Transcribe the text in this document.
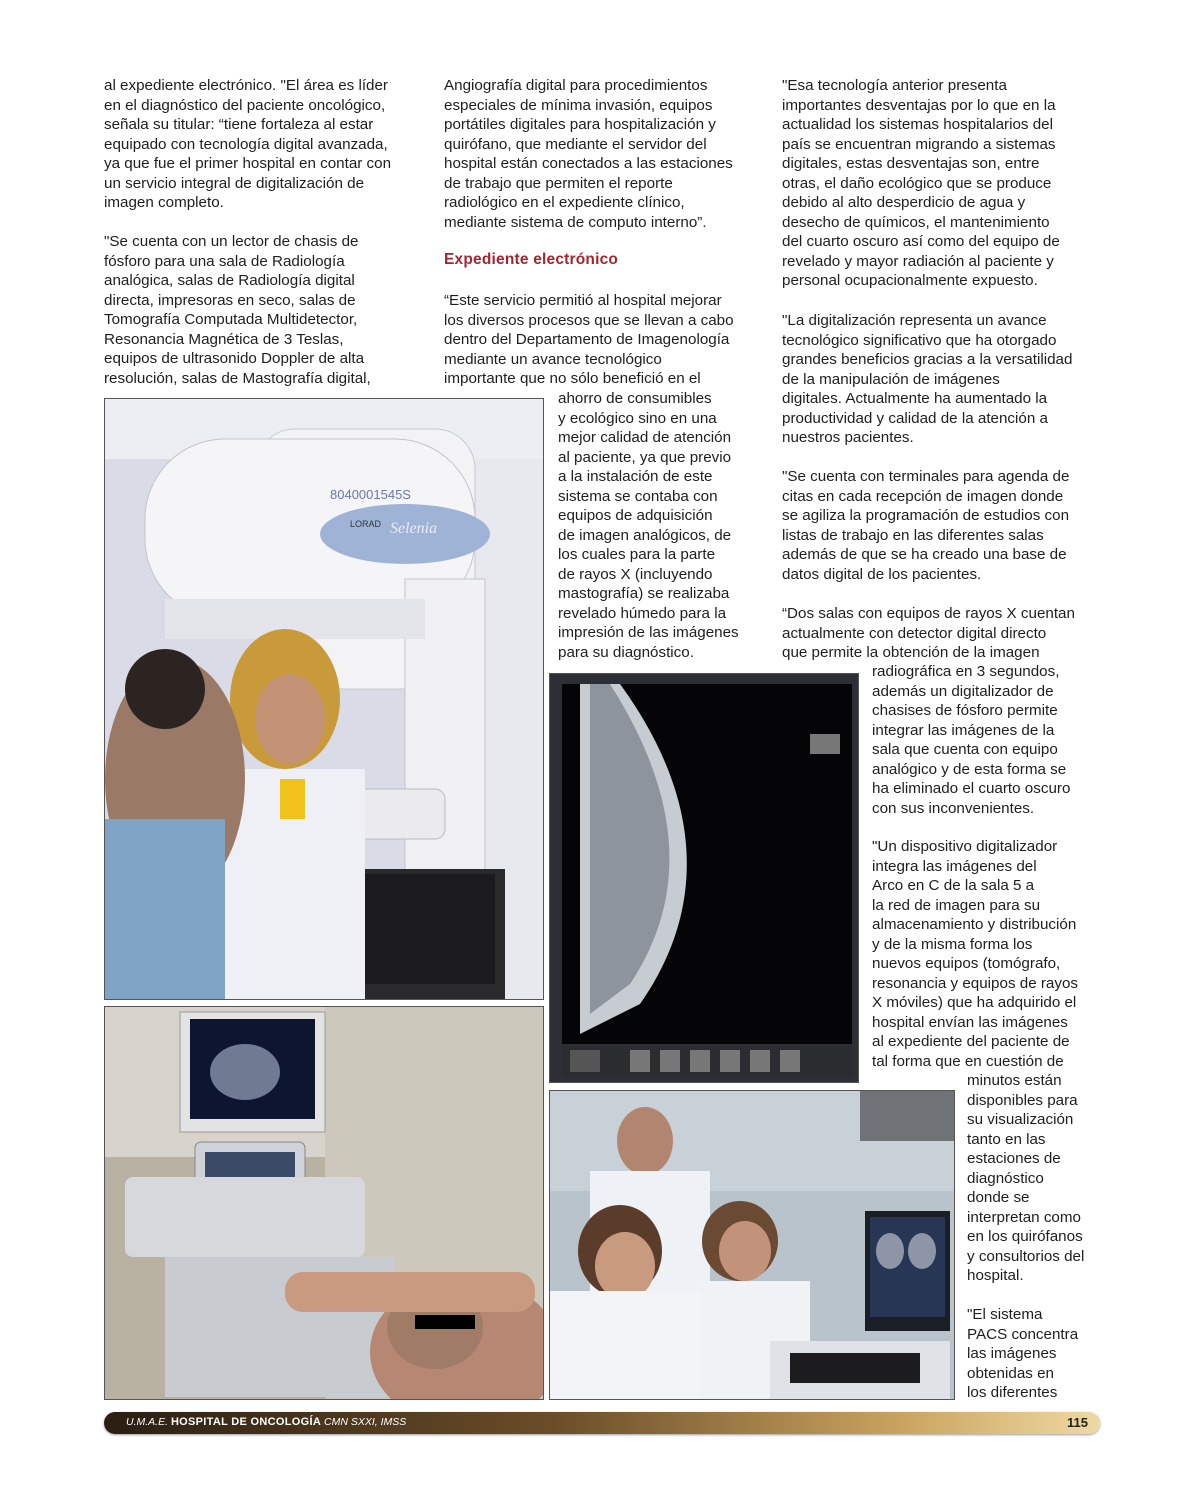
al expediente electrónico. "El área es líder
en el diagnóstico del paciente oncológico,
señala su titular: “tiene fortaleza al estar
equipado con tecnología digital avanzada,
ya que fue el primer hospital en contar con
un servicio integral de digitalización de
imagen completo.

"Se cuenta con un lector de chasis de
fósforo para una sala de Radiología
analógica, salas de Radiología digital
directa, impresoras en seco, salas de
Tomografía Computada Multidetector,
Resonancia Magnética de 3 Teslas,
equipos de ultrasonido Doppler de alta
resolución, salas de Mastografía digital,

Angiografía digital para procedimientos
especiales de mínima invasión, equipos
portátiles digitales para hospitalización y
quirófano, que mediante el servidor del
hospital están conectados a las estaciones
de trabajo que permiten el reporte
radiológico en el expediente clínico,
mediante sistema de computo interno”.

Expediente electrónico

“Este servicio permitió al hospital mejorar
los diversos procesos que se llevan a cabo
dentro del Departamento de Imagenología
mediante un avance tecnológico
importante que no sólo benefició en el

ahorro de consumibles
y ecológico sino en una
mejor calidad de atención
al paciente, ya que previo
a la instalación de este
sistema se contaba con
equipos de adquisición
de imagen analógicos, de
los cuales para la parte
de rayos X (incluyendo
mastografía) se realizaba
revelado húmedo para la
impresión de las imágenes
para su diagnóstico.

"Esa tecnología anterior presenta
importantes desventajas por lo que en la
actualidad los sistemas hospitalarios del
país se encuentran migrando a sistemas
digitales, estas desventajas son, entre
otras, el daño ecológico que se produce
debido al alto desperdicio de agua y
desecho de químicos, el mantenimiento
del cuarto oscuro así como del equipo de
revelado y mayor radiación al paciente y
personal ocupacionalmente expuesto.

"La digitalización representa un avance
tecnológico significativo que ha otorgado
grandes beneficios gracias a la versatilidad
de la manipulación de imágenes
digitales. Actualmente ha aumentado la
productividad y calidad de la atención a
nuestros pacientes.

"Se cuenta con terminales para agenda de
citas en cada recepción de imagen donde
se agiliza la programación de estudios con
listas de trabajo en las diferentes salas
además de que se ha creado una base de
datos digital de los pacientes.

“Dos salas con equipos de rayos X cuentan
actualmente con detector digital directo
que permite la obtención de la imagen

radiográfica en 3 segundos,
además un digitalizador de
chasises de fósforo permite
integrar las imágenes de la
sala que cuenta con equipo
analógico y de esta forma se
ha eliminado el cuarto oscuro
con sus inconvenientes.

"Un dispositivo digitalizador
integra las imágenes del
Arco en C de la sala 5 a
la red de imagen para su
almacenamiento y distribución
y de la misma forma los
nuevos equipos (tomógrafo,
resonancia y equipos de rayos
X móviles) que ha adquirido el
hospital envían las imágenes
al expediente del paciente de
tal forma que en cuestión de

minutos están
disponibles para
su visualización
tanto en las
estaciones de
diagnóstico
donde se
interpretan como
en los quirófanos
y consultorios del
hospital.

"El sistema
PACS concentra
las imágenes
obtenidas en
los diferentes

8040001545S
LORAD Selenia
U.M.A.E. HOSPITAL DE ONCOLOGÍA CMN SXXI, IMSS	115
